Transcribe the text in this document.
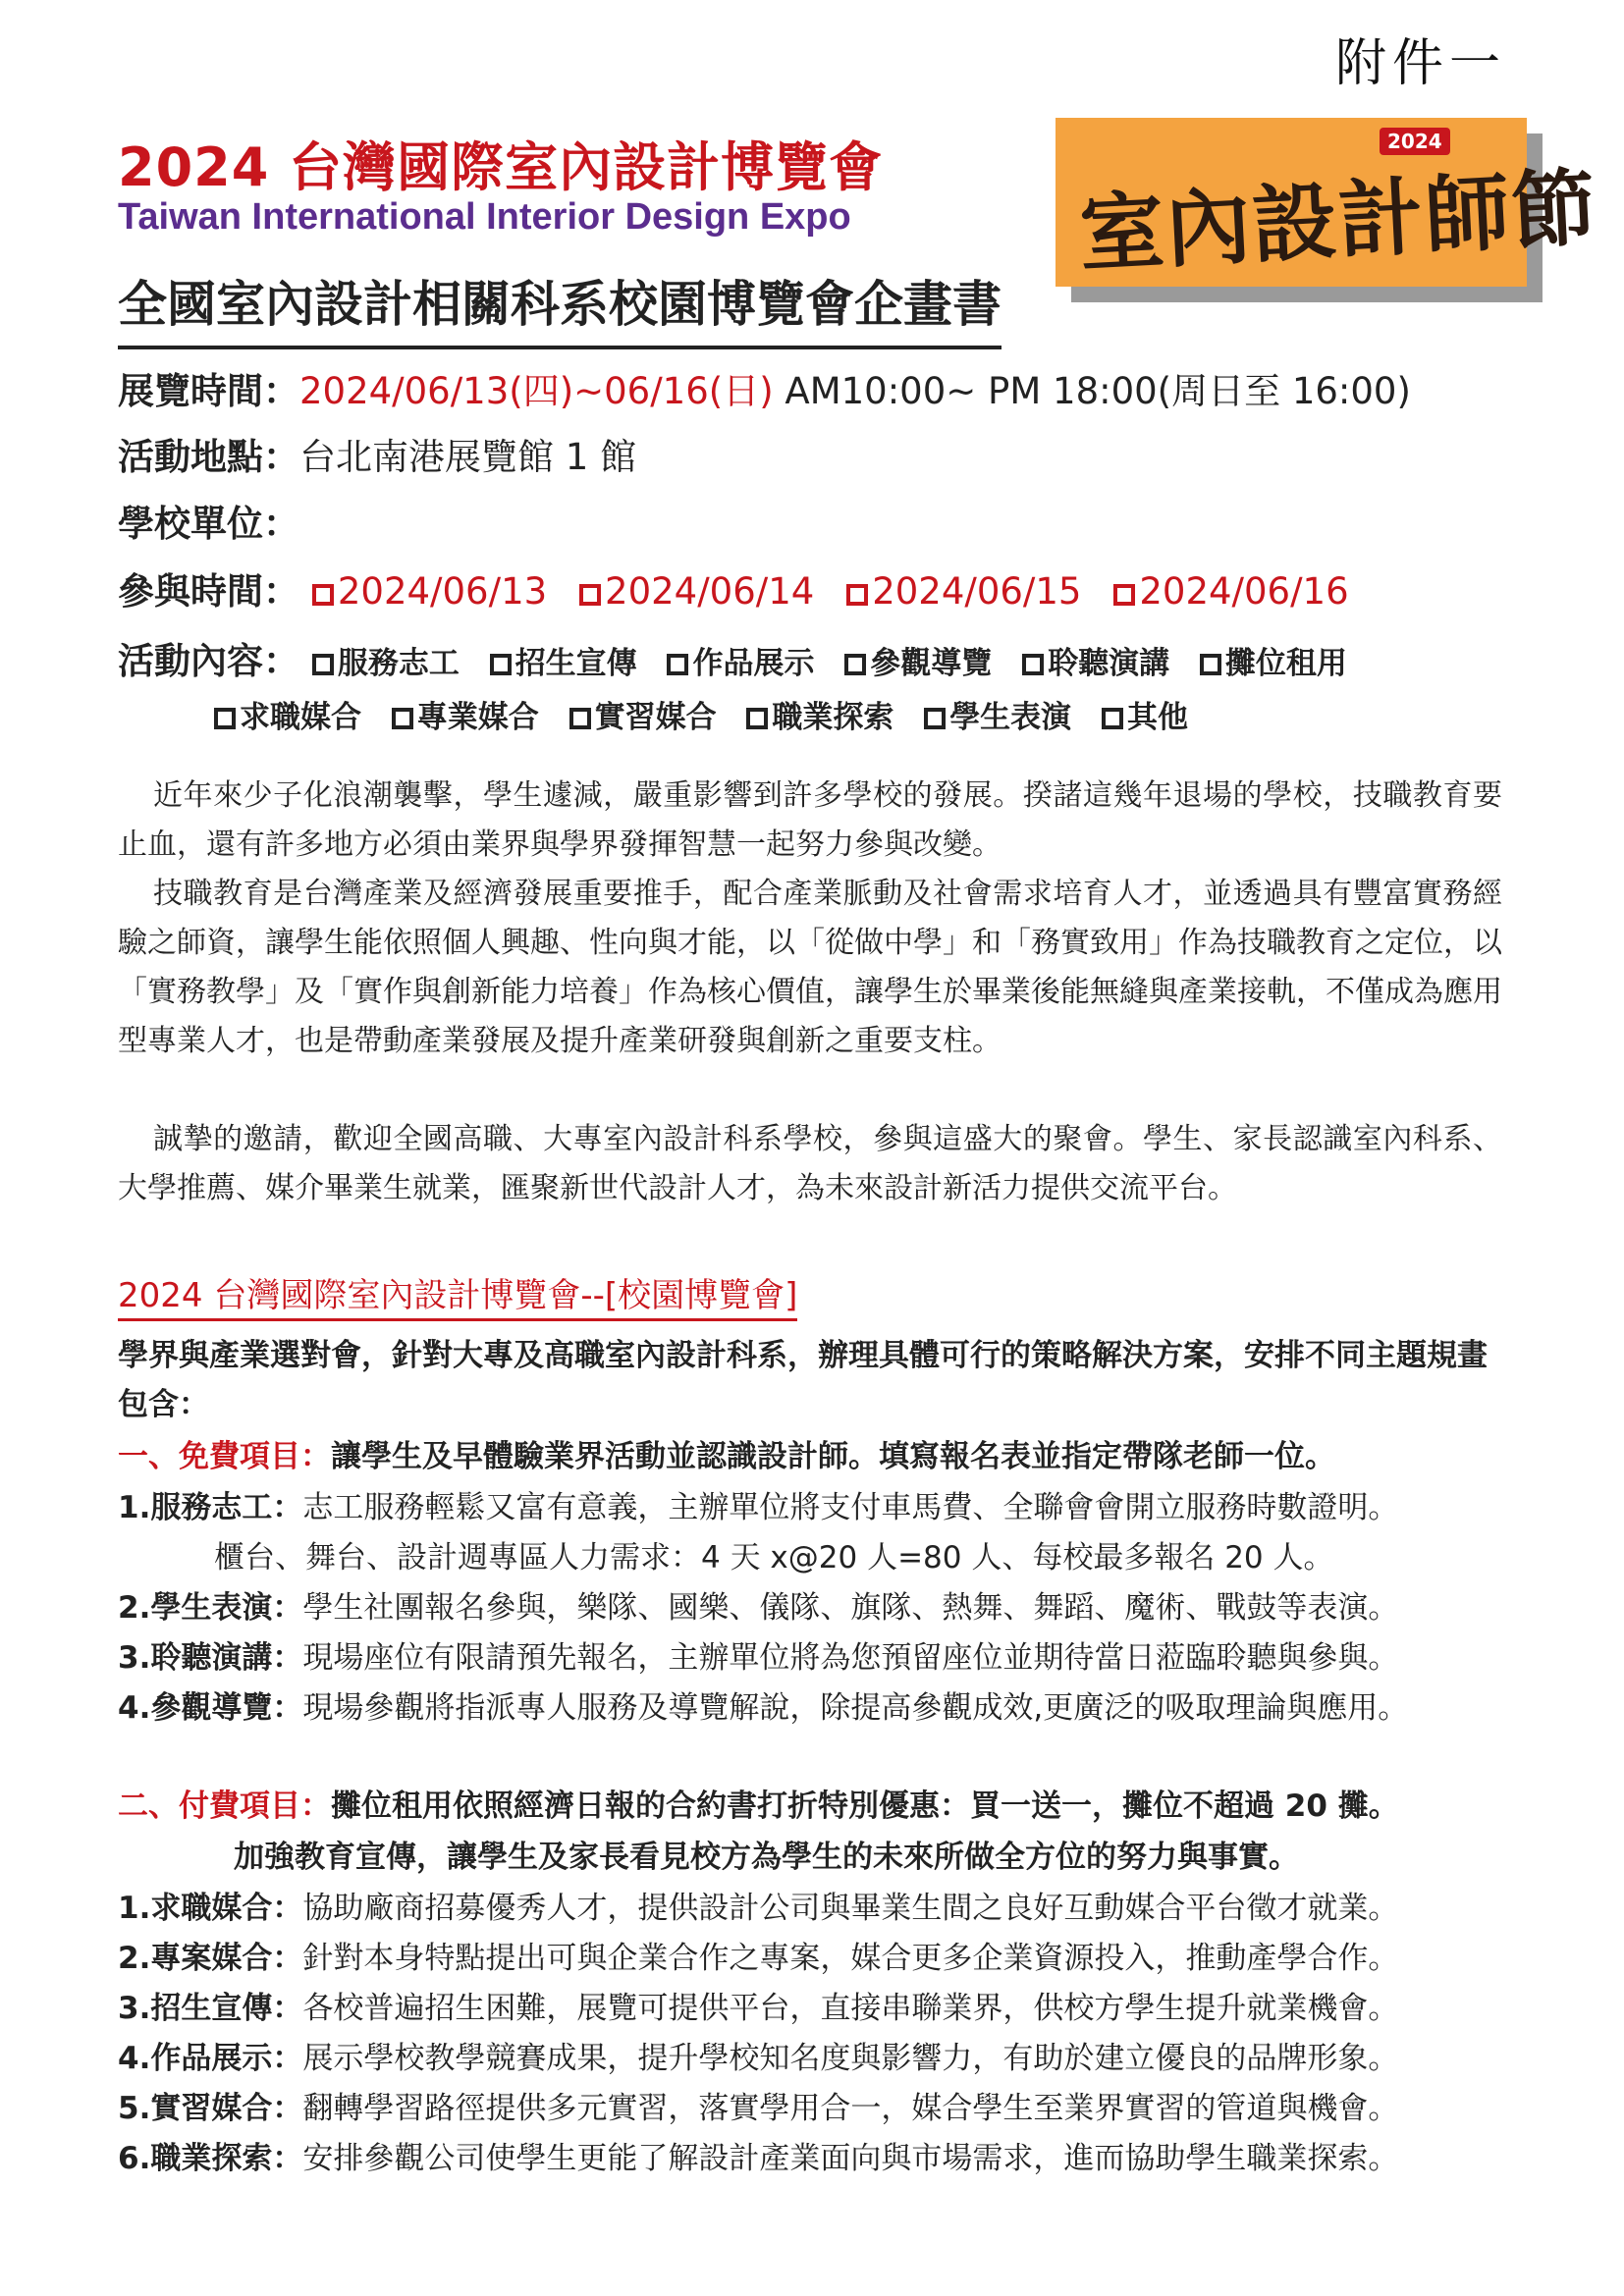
附件一
2024 台灣國際室內設計博覽會
Taiwan International Interior Design Expo
全國室內設計相關科系校園博覽會企畫書
室內設計師節
2024
展覽時間：2024/06/13(四)~06/16(日) AM10:00~ PM 18:00(周日至 16:00)
活動地點：台北南港展覽館 1 館
學校單位：
參與時間： 2024/06/13 2024/06/14 2024/06/15 2024/06/16
活動內容： 服務志工 招生宣傳 作品展示 參觀導覽 聆聽演講 攤位租用
求職媒合 專業媒合 實習媒合 職業探索 學生表演 其他
近年來少子化浪潮襲擊，學生遽減，嚴重影響到許多學校的發展。揆諸這幾年退場的學校，技職教育要止血，還有許多地方必須由業界與學界發揮智慧一起努力參與改變。
技職教育是台灣產業及經濟發展重要推手，配合產業脈動及社會需求培育人才，並透過具有豐富實務經驗之師資，讓學生能依照個人興趣、性向與才能，以「從做中學」和「務實致用」作為技職教育之定位，以「實務教學」及「實作與創新能力培養」作為核心價值，讓學生於畢業後能無縫與產業接軌，不僅成為應用型專業人才，也是帶動產業發展及提升產業研發與創新之重要支柱。
誠摯的邀請，歡迎全國高職、大專室內設計科系學校，參與這盛大的聚會。學生、家長認識室內科系、大學推薦、媒介畢業生就業，匯聚新世代設計人才，為未來設計新活力提供交流平台。
2024 台灣國際室內設計博覽會--[校園博覽會]
學界與產業選對會，針對大專及高職室內設計科系，辦理具體可行的策略解決方案，安排不同主題規畫包含：
一、免費項目：讓學生及早體驗業界活動並認識設計師。填寫報名表並指定帶隊老師一位。
1.服務志工：志工服務輕鬆又富有意義，主辦單位將支付車馬費、全聯會會開立服務時數證明。
櫃台、舞台、設計週專區人力需求：4 天 x@20 人=80 人、每校最多報名 20 人。
2.學生表演：學生社團報名參與，樂隊、國樂、儀隊、旗隊、熱舞、舞蹈、魔術、戰鼓等表演。
3.聆聽演講：現場座位有限請預先報名，主辦單位將為您預留座位並期待當日蒞臨聆聽與參與。
4.參觀導覽：現場參觀將指派專人服務及導覽解說，除提高參觀成效,更廣泛的吸取理論與應用。
二、付費項目：攤位租用依照經濟日報的合約書打折特別優惠：買一送一，攤位不超過 20 攤。
加強教育宣傳，讓學生及家長看見校方為學生的未來所做全方位的努力與事實。
1.求職媒合：協助廠商招募優秀人才，提供設計公司與畢業生間之良好互動媒合平台徵才就業。
2.專案媒合：針對本身特點提出可與企業合作之專案，媒合更多企業資源投入，推動產學合作。
3.招生宣傳：各校普遍招生困難，展覽可提供平台，直接串聯業界，供校方學生提升就業機會。
4.作品展示：展示學校教學競賽成果，提升學校知名度與影響力，有助於建立優良的品牌形象。
5.實習媒合：翻轉學習路徑提供多元實習，落實學用合一，媒合學生至業界實習的管道與機會。
6.職業探索：安排參觀公司使學生更能了解設計產業面向與市場需求，進而協助學生職業探索。
